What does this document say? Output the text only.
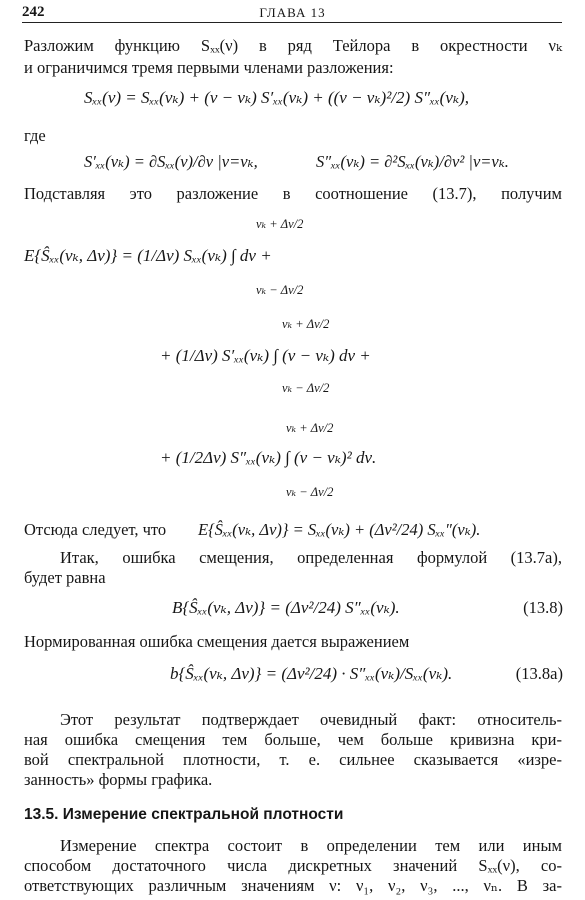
242	ГЛАВА 13
Разложим функцию Sₓₓ(ν) в ряд Тейлора в окрестности νₖ
и ограничимся тремя первыми членами разложения:
Sₓₓ(ν) = Sₓₓ(νₖ) + (ν − νₖ) S′ₓₓ(νₖ) + ((ν − νₖ)²/2) S″ₓₓ(νₖ),
где
S′ₓₓ(νₖ) = ∂Sₓₓ(ν)/∂ν |ν=νₖ,	S″ₓₓ(νₖ) = ∂²Sₓₓ(νₖ)/∂ν² |ν=νₖ.
Подставляя это разложение в соотношение (13.7), получим
E{Ŝₓₓ(νₖ, Δν)} = (1/Δν) Sₓₓ(νₖ) ∫ dν +
νₖ + Δν/2
νₖ − Δν/2
+ (1/Δν) S′ₓₓ(νₖ) ∫ (ν − νₖ) dν +
νₖ + Δν/2
νₖ − Δν/2
+ (1/2Δν) S″ₓₓ(νₖ) ∫ (ν − νₖ)² dν.
νₖ + Δν/2
νₖ − Δν/2
Отсюда следует, что E{Ŝₓₓ(νₖ, Δν)} = Sₓₓ(νₖ) + (Δν²/24) Sₓₓ″(νₖ).
Итак, ошибка смещения, определенная формулой (13.7а),
будет равна
B{Ŝₓₓ(νₖ, Δν)} = (Δν²/24) S″ₓₓ(νₖ).	(13.8)
Нормированная ошибка смещения дается выражением
b{Ŝₓₓ(νₖ, Δν)} = (Δν²/24) · S″ₓₓ(νₖ)/Sₓₓ(νₖ).	(13.8a)
Этот результат подтверждает очевидный факт: относитель-
ная ошибка смещения тем больше, чем больше кривизна кри-
вой спектральной плотности, т. е. сильнее сказывается «изре-
занность» формы графика.
13.5. Измерение спектральной плотности
Измерение спектра состоит в определении тем или иным
способом достаточного числа дискретных значений Sₓₓ(ν), со-
ответствующих различным значениям ν: ν₁, ν₂, ν₃, ..., νₙ. В за-
